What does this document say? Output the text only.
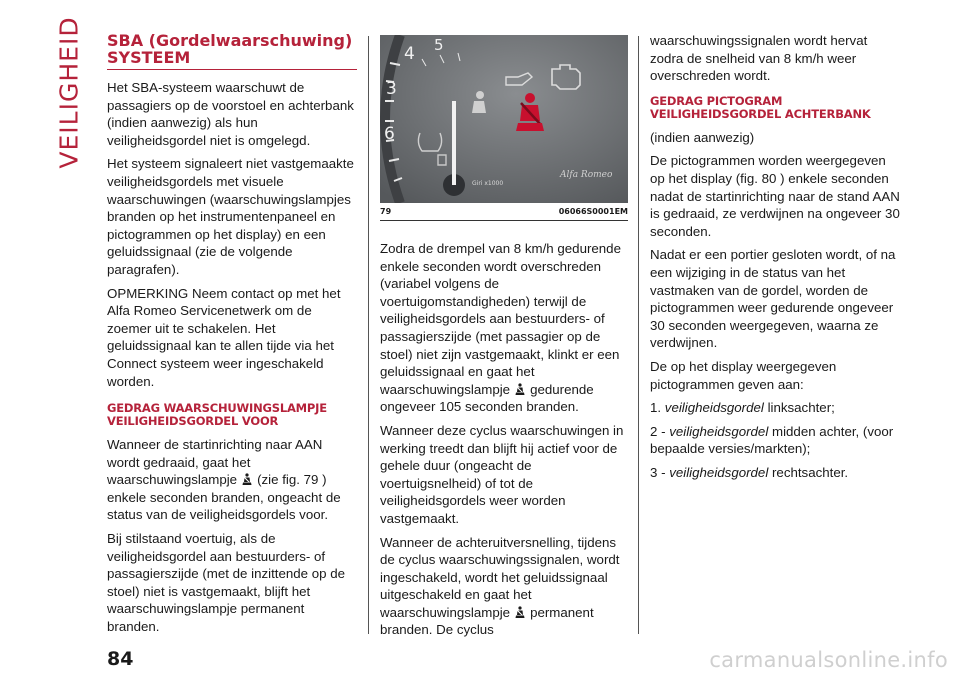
VEILIGHEID SBA (Gordelwaarschuwing)
SYSTEEM

Het SBA-systeem waarschuwt de passagiers op de voorstoel en achterbank (indien aanwezig) als hun veiligheidsgordel niet is omgelegd.

Het systeem signaleert niet vastgemaakte veiligheidsgordels met visuele waarschuwingen (waarschuwingslampjes branden op het instrumentenpaneel en pictogrammen op het display) en een geluidssignaal (zie de volgende paragrafen).

OPMERKING Neem contact op met het Alfa Romeo Servicenetwerk om de zoemer uit te schakelen. Het geluidssignaal kan te allen tijde via het Connect systeem weer ingeschakeld worden.

GEDRAG WAARSCHUWINGSLAMPJE
VEILIGHEIDSGORDEL VOOR

Wanneer de startinrichting naar AAN wordt gedraaid, gaat het waarschuwingslampje (zie fig. 79 ) enkele seconden branden, ongeacht de status van de veiligheidsgordels voor.

Bij stilstaand voertuig, als de veiligheidsgordel aan bestuurders- of passagierszijde (met de inzittende op de stoel) niet is vastgemaakt, blijft het waarschuwingslampje permanent branden.

3
4 5
6
Giri x1000
Alfa Romeo
79	06066S0001EM

Zodra de drempel van 8 km/h gedurende enkele seconden wordt overschreden (variabel volgens de voertuigomstandigheden) terwijl de veiligheidsgordels aan bestuurders- of passagierszijde (met passagier op de stoel) niet zijn vastgemaakt, klinkt er een geluidssignaal en gaat het waarschuwingslampje gedurende ongeveer 105 seconden branden.

Wanneer deze cyclus waarschuwingen in werking treedt dan blijft hij actief voor de gehele duur (ongeacht de voertuigsnelheid) of tot de veiligheidsgordels weer worden vastgemaakt.

Wanneer de achteruitversnelling, tijdens de cyclus waarschuwingssignalen, wordt ingeschakeld, wordt het geluidssignaal uitgeschakeld en gaat het waarschuwingslampje permanent branden. De cyclus

waarschuwingssignalen wordt hervat zodra de snelheid van 8 km/h weer overschreden wordt.

GEDRAG PICTOGRAM
VEILIGHEIDSGORDEL ACHTERBANK

(indien aanwezig)

De pictogrammen worden weergegeven op het display (fig. 80 ) enkele seconden nadat de startinrichting naar de stand AAN is gedraaid, ze verdwijnen na ongeveer 30 seconden.

Nadat er een portier gesloten wordt, of na een wijziging in de status van het vastmaken van de gordel, worden de pictogrammen weer gedurende ongeveer 30 seconden weergegeven, waarna ze verdwijnen.

De op het display weergegeven pictogrammen geven aan:

1. veiligheidsgordel linksachter;

2 - veiligheidsgordel midden achter, (voor bepaalde versies/markten);

3 - veiligheidsgordel rechtsachter.

84	carmanualsonline.info
